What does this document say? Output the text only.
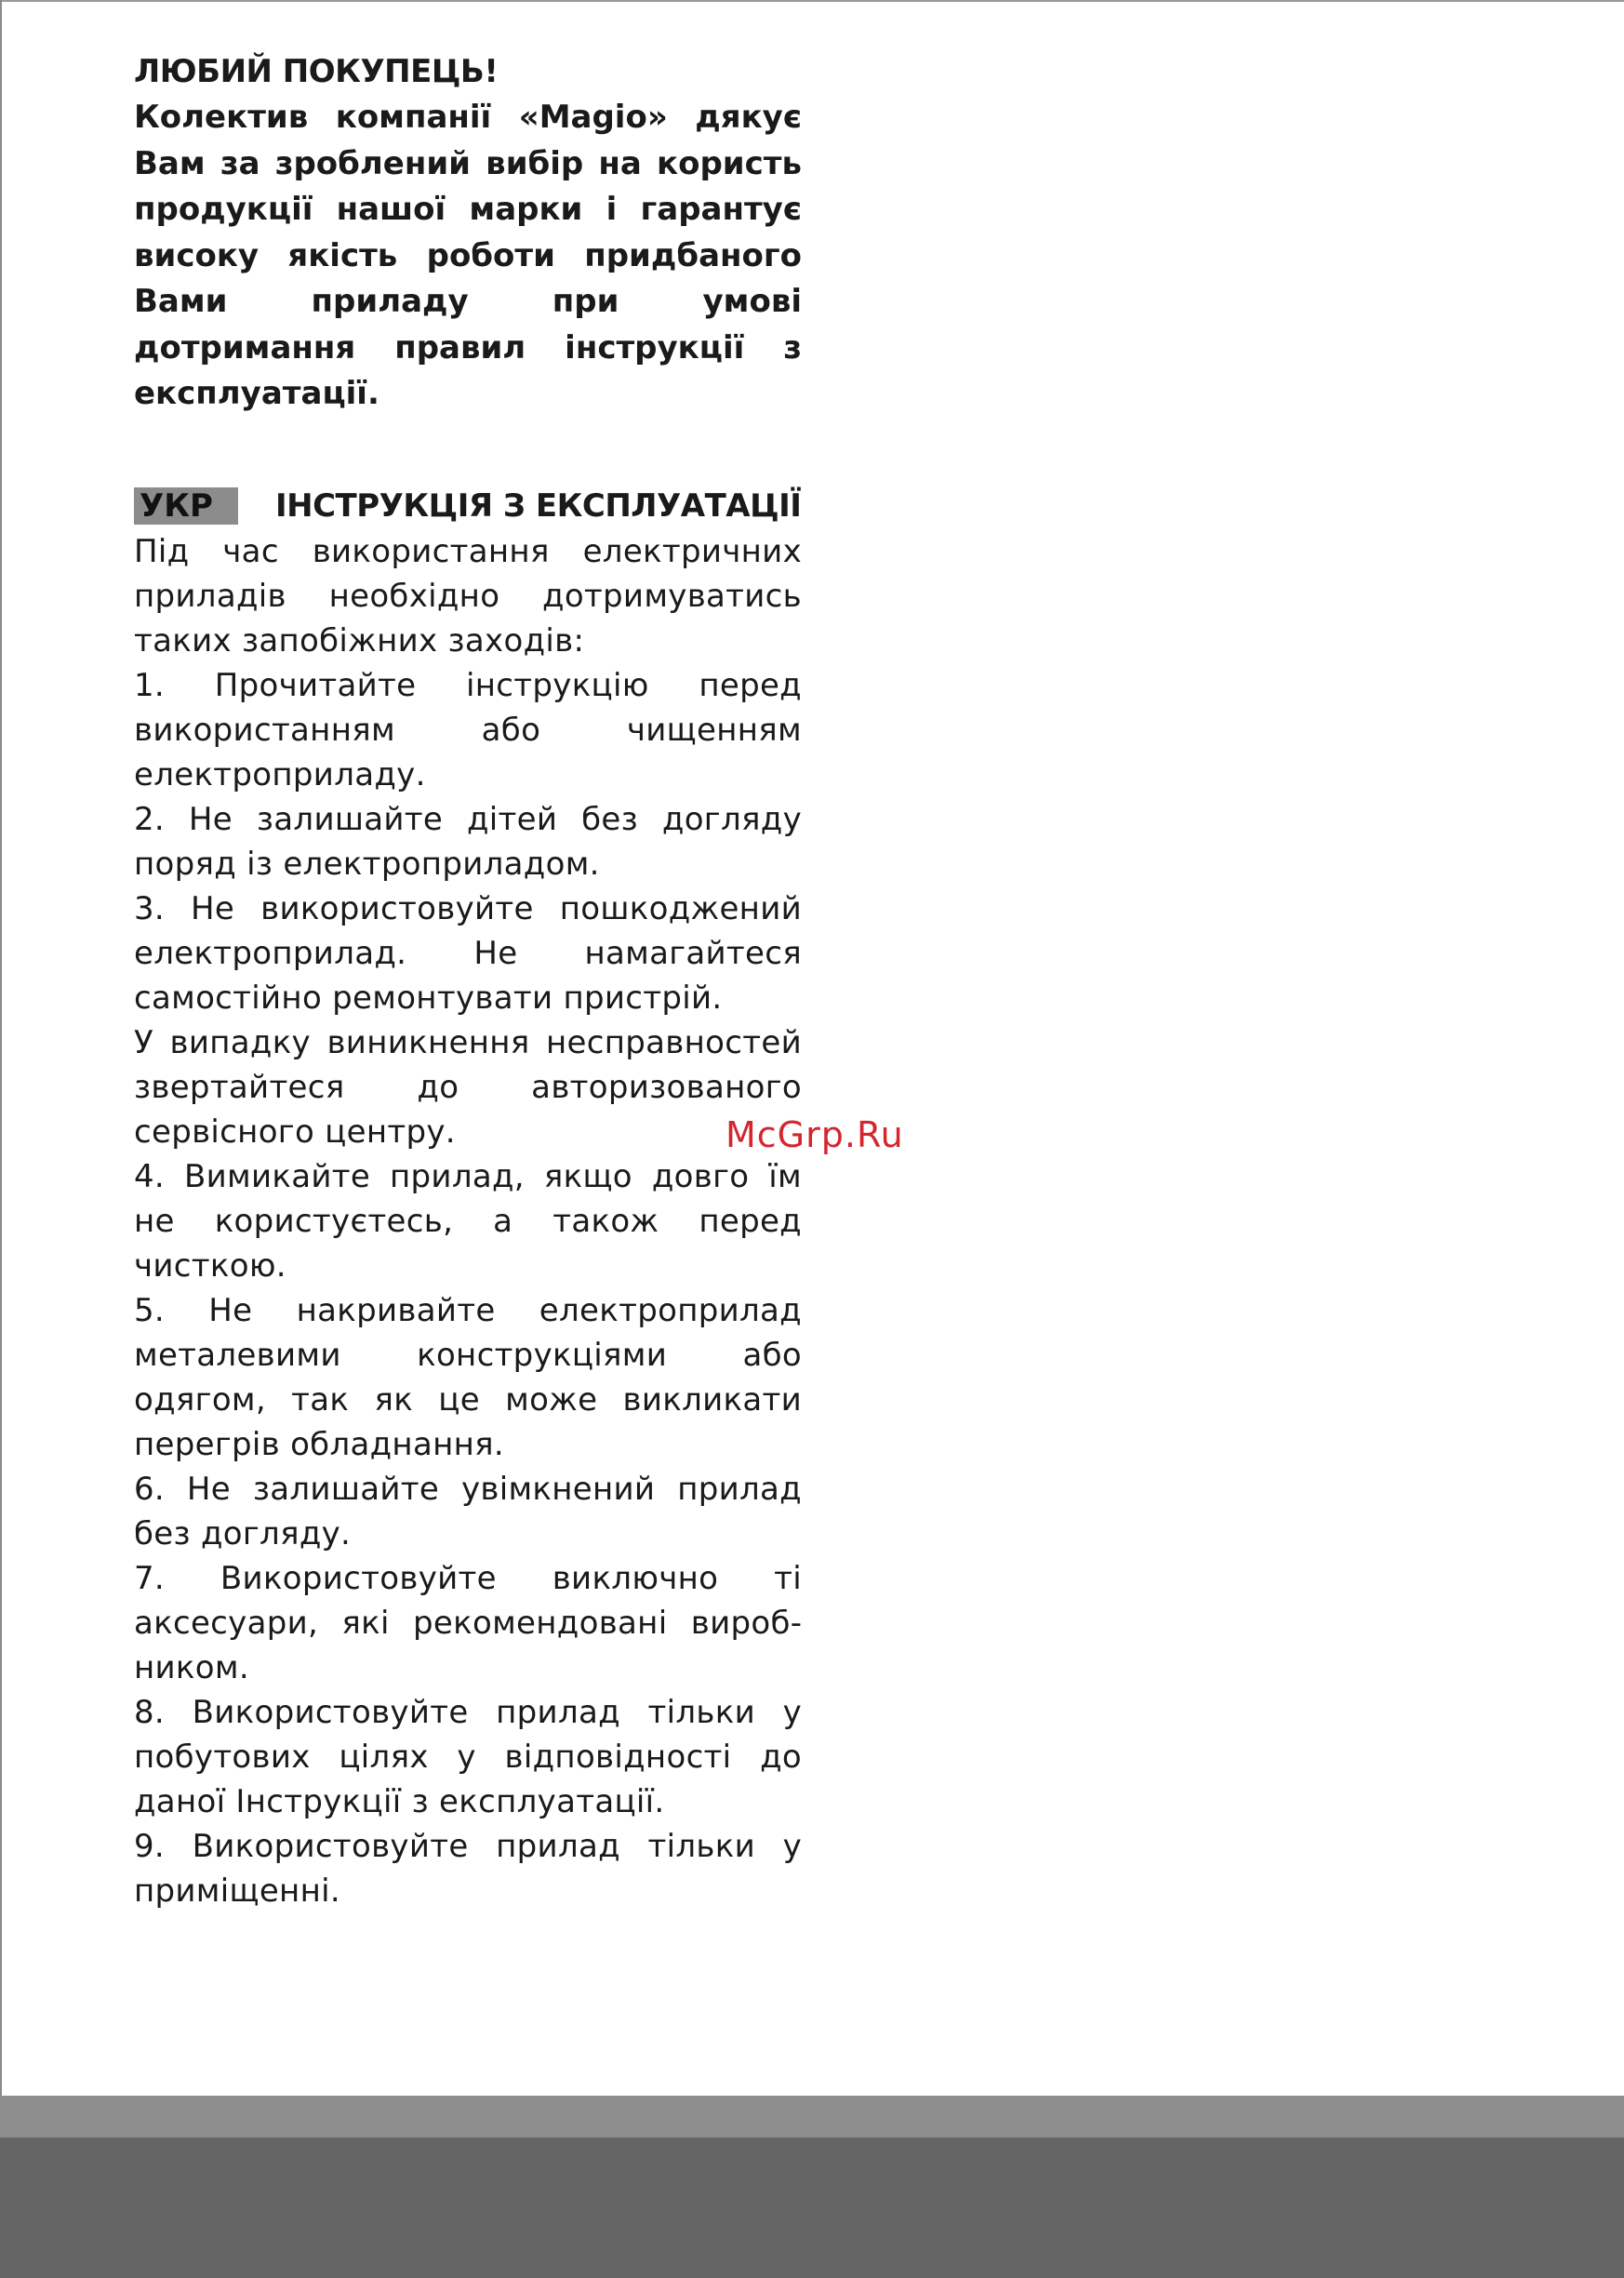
ЛЮБИЙ ПОКУПЕЦЬ!

Колектив компанії «Magio» дякує Вам за зроблений вибір на користь продукції нашої марки і гарантує високу якість роботи придбаного Вами приладу при умові дотримання правил інструкції з експлуатації.

УКР	ІНСТРУКЦІЯ З ЕКСПЛУАТАЦІЇ

Під час використання електричних приладів необхідно дотримуватись таких запобіжних заходів:

1. Прочитайте інструкцію перед використанням або чищенням електроприладу.

2. Не залишайте дітей без догляду поряд із електроприладом.

3. Не використовуйте пошкоджений електроприлад. Не намагайтеся самостійно ремонтувати пристрій.

У випадку виникнення несправностей звертайтеся до авторизованого сервісного центру.

4. Вимикайте прилад, якщо довго їм не користуєтесь, а також перед чисткою.

5. Не накривайте електроприлад металевими конструкціями або одягом, так як це може викликати перегрів обладнання.

6. Не залишайте увімкнений прилад без догляду.

7. Використовуйте виключно ті аксесуари, які рекомендовані виробником.

8. Використовуйте прилад тільки у побутових цілях у відповідності до даної Інструкції з експлуатації.

9. Використовуйте прилад тільки у приміщенні.

McGrp.Ru
